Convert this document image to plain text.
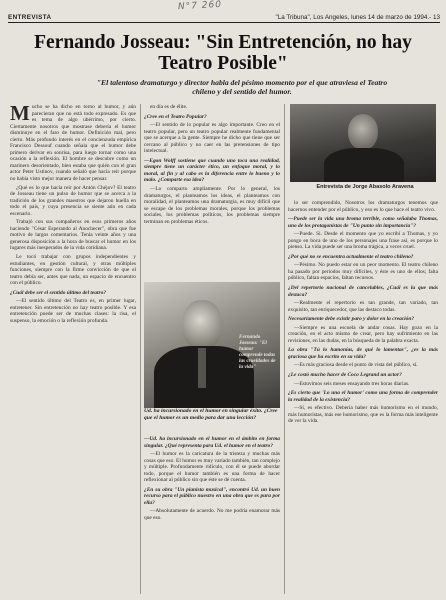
N°7 260
ENTREVISTA	"La Tribuna", Los Angeles, lunes 14 de marzo de 1994.- 13
Fernando Josseau: "Sin Entretención, no hay Teatro Posible"

"El talentoso dramaturgo y director habla del pésimo momento por el que atraviesa el Teatro chileno y del sentido del humor.

Mucho se ha dicho en torno al humor, y aún parecieran que no está todo expresado. Es que es tema de algo ubérrimo, por cierto. Ciertamente nosotros que mostrase debería el humor disminuye en el faro de humor. Definición mal, pero cierto. Más profundo interés en el concienzuda empírica Francisco Dessouf cuando señala que el humor debe primero derivar en sonrisa, para luego tornar como una ocasión a la reflexión. El hombre se descubre como un marinero desorientado, bien estaba que quién con el gran actor Peter Ustinov, cuando señaló que hacía reír porque no había visto mejor manera de hacer pensar.

¿Qué es lo que hacía reír por Antón Chéjov? El teatro de Josseau tiene un pulso de humor que se acerca a la tradición de los grandes maestros que dejaron huella en todo el país, y cuya presencia se siente aún en cada escenario.

Trabajó con sus compañeros en esos primeros años haciendo "César Esperando al Anochecer", obra que fue motivo de largos comentarios. Tenía veinte años y una generosa disposición a la hora de buscar el humor en los lugares más inesperados de la vida cotidiana.

Le tocó trabajar con grupos independientes y estudiantes, en gestión cultural, y otras múltiples funciones, siempre con la firme convicción de que el teatro debía ser, antes que nada, un espacio de encuentro con el público.

¿Cuál debe ser el sentido último del teatro?

—El sentido último del Teatro es, en primer lugar, entretener. Sin entretención no hay teatro posible. Y esa entretención puede ser de muchas clases: la risa, el suspenso, la emoción o la reflexión profunda.

en día es de élite.

¿Cree en el Teatro Popular?

—El sentido de lo popular es algo importante. Creo en el teatro popular, pero un teatro popular realmente fundamental que se acerque a la gente. Siempre he dicho que tiene que ser cercano al público y no caer en las pretensiones de tipo intelectual.

—Egon Wolff sostiene que cuando uno toca una realidad, siempre tiene un carácter ético, un enfoque moral, y lo moral, al fin y al cabo es la diferencia entre lo bueno y lo malo. ¿Comparte esa idea?

—Lo comparto ampliamente. Por lo general, los dramaturgos, el planteamos los ideas, el planteamos con moralidad, el planteamos una dramaturgia, es muy difícil que se escape de los problemas morales, porque los problemas sociales, los problemas políticos, los problemas siempre terminan en problemas éticos.

Entrevista de Jorge Abasolo Aravena

lo ser comprendido, Nosotros los dramaturgos tenemos que hacernos entender por el público, y eso es lo que hace el teatro vivo.

—Puede ser la vida una broma terrible, como señalaba Thomas, uno de los protagonistas de "Un punto sin importancia"?

—Puede. Si. Desde el momento que yo escribí a Thomas, y yo pongo en boca de uno de los personajes una frase así, es porque lo pienso. La vida puede ser una broma trágica, a veces cruel.

¿Por qué no se encuentra actualmente el teatro chileno?

—Pésimo. No puedo estar en un peor momento. El teatro chileno ha pasado por periodos muy difíciles, y éste es uno de ellos; falta público, faltan espacios, faltan recursos.

¿Del repertorio nacional de cancelables, ¿Cuál es la que más destaca?

—Realmente el repertorio es tan grande, tan variado, tan exquisito, tan enriquecedor, que las destaco todas.

Necesariamente debe existir paro y dolor en la creación?

—Siempre es una escuela de andar cosas. Hay gozo en la creación, en el acto mismo de crear, pero hay sufrimiento en las revisiones, en las dudas, en la búsqueda de la palabra exacta.

La obra "Tú lo hamonías, de qué lo lamentas", ¿es la más graciosa que ha escrito en su vida?

—Es más graciosa desde el punto de vista del público, sí.

¿Le costó mucho hacer de Coco Legrand un actor?

—Estuvimos seis meses ensayando tres horas diarias.

¿Es cierto que 'Lo una el humor' como una forma de comprender la realidad de la existencia?

—Sí, es efectivo. Debería haber más humorismo en el mundo, más humoristas, más ese humorismo, que es la forma más inteligente de ver la vida.

Fernando Josseau: "El humor comprende todas las crueldades de la vida"
Ud. ha incursionado en el humor en singular éxito. ¿Cree que el humor es un medio para dar una lección?

—Ud. ha incursionado en el humor en el ámbito en forma singular. ¿Qué representa para Ud. el humor en el teatro?

—El humor es la caricatura de la tristeza y muchas más cosas que eso. El humor es muy variado también, tan complejo y múltiple. Profundamente ridículo, con él se puede abordar todo, porque el humor también es una forma de hacer reflexionar al público sin que éste se dé cuenta.

¿En su obra "Un pianista musical", encontró Ud. un buen recurso para el público nuestro en una obra que es pura por ella?

—Absolutamente de acuerdo. No me podría enamorar más que eso.
